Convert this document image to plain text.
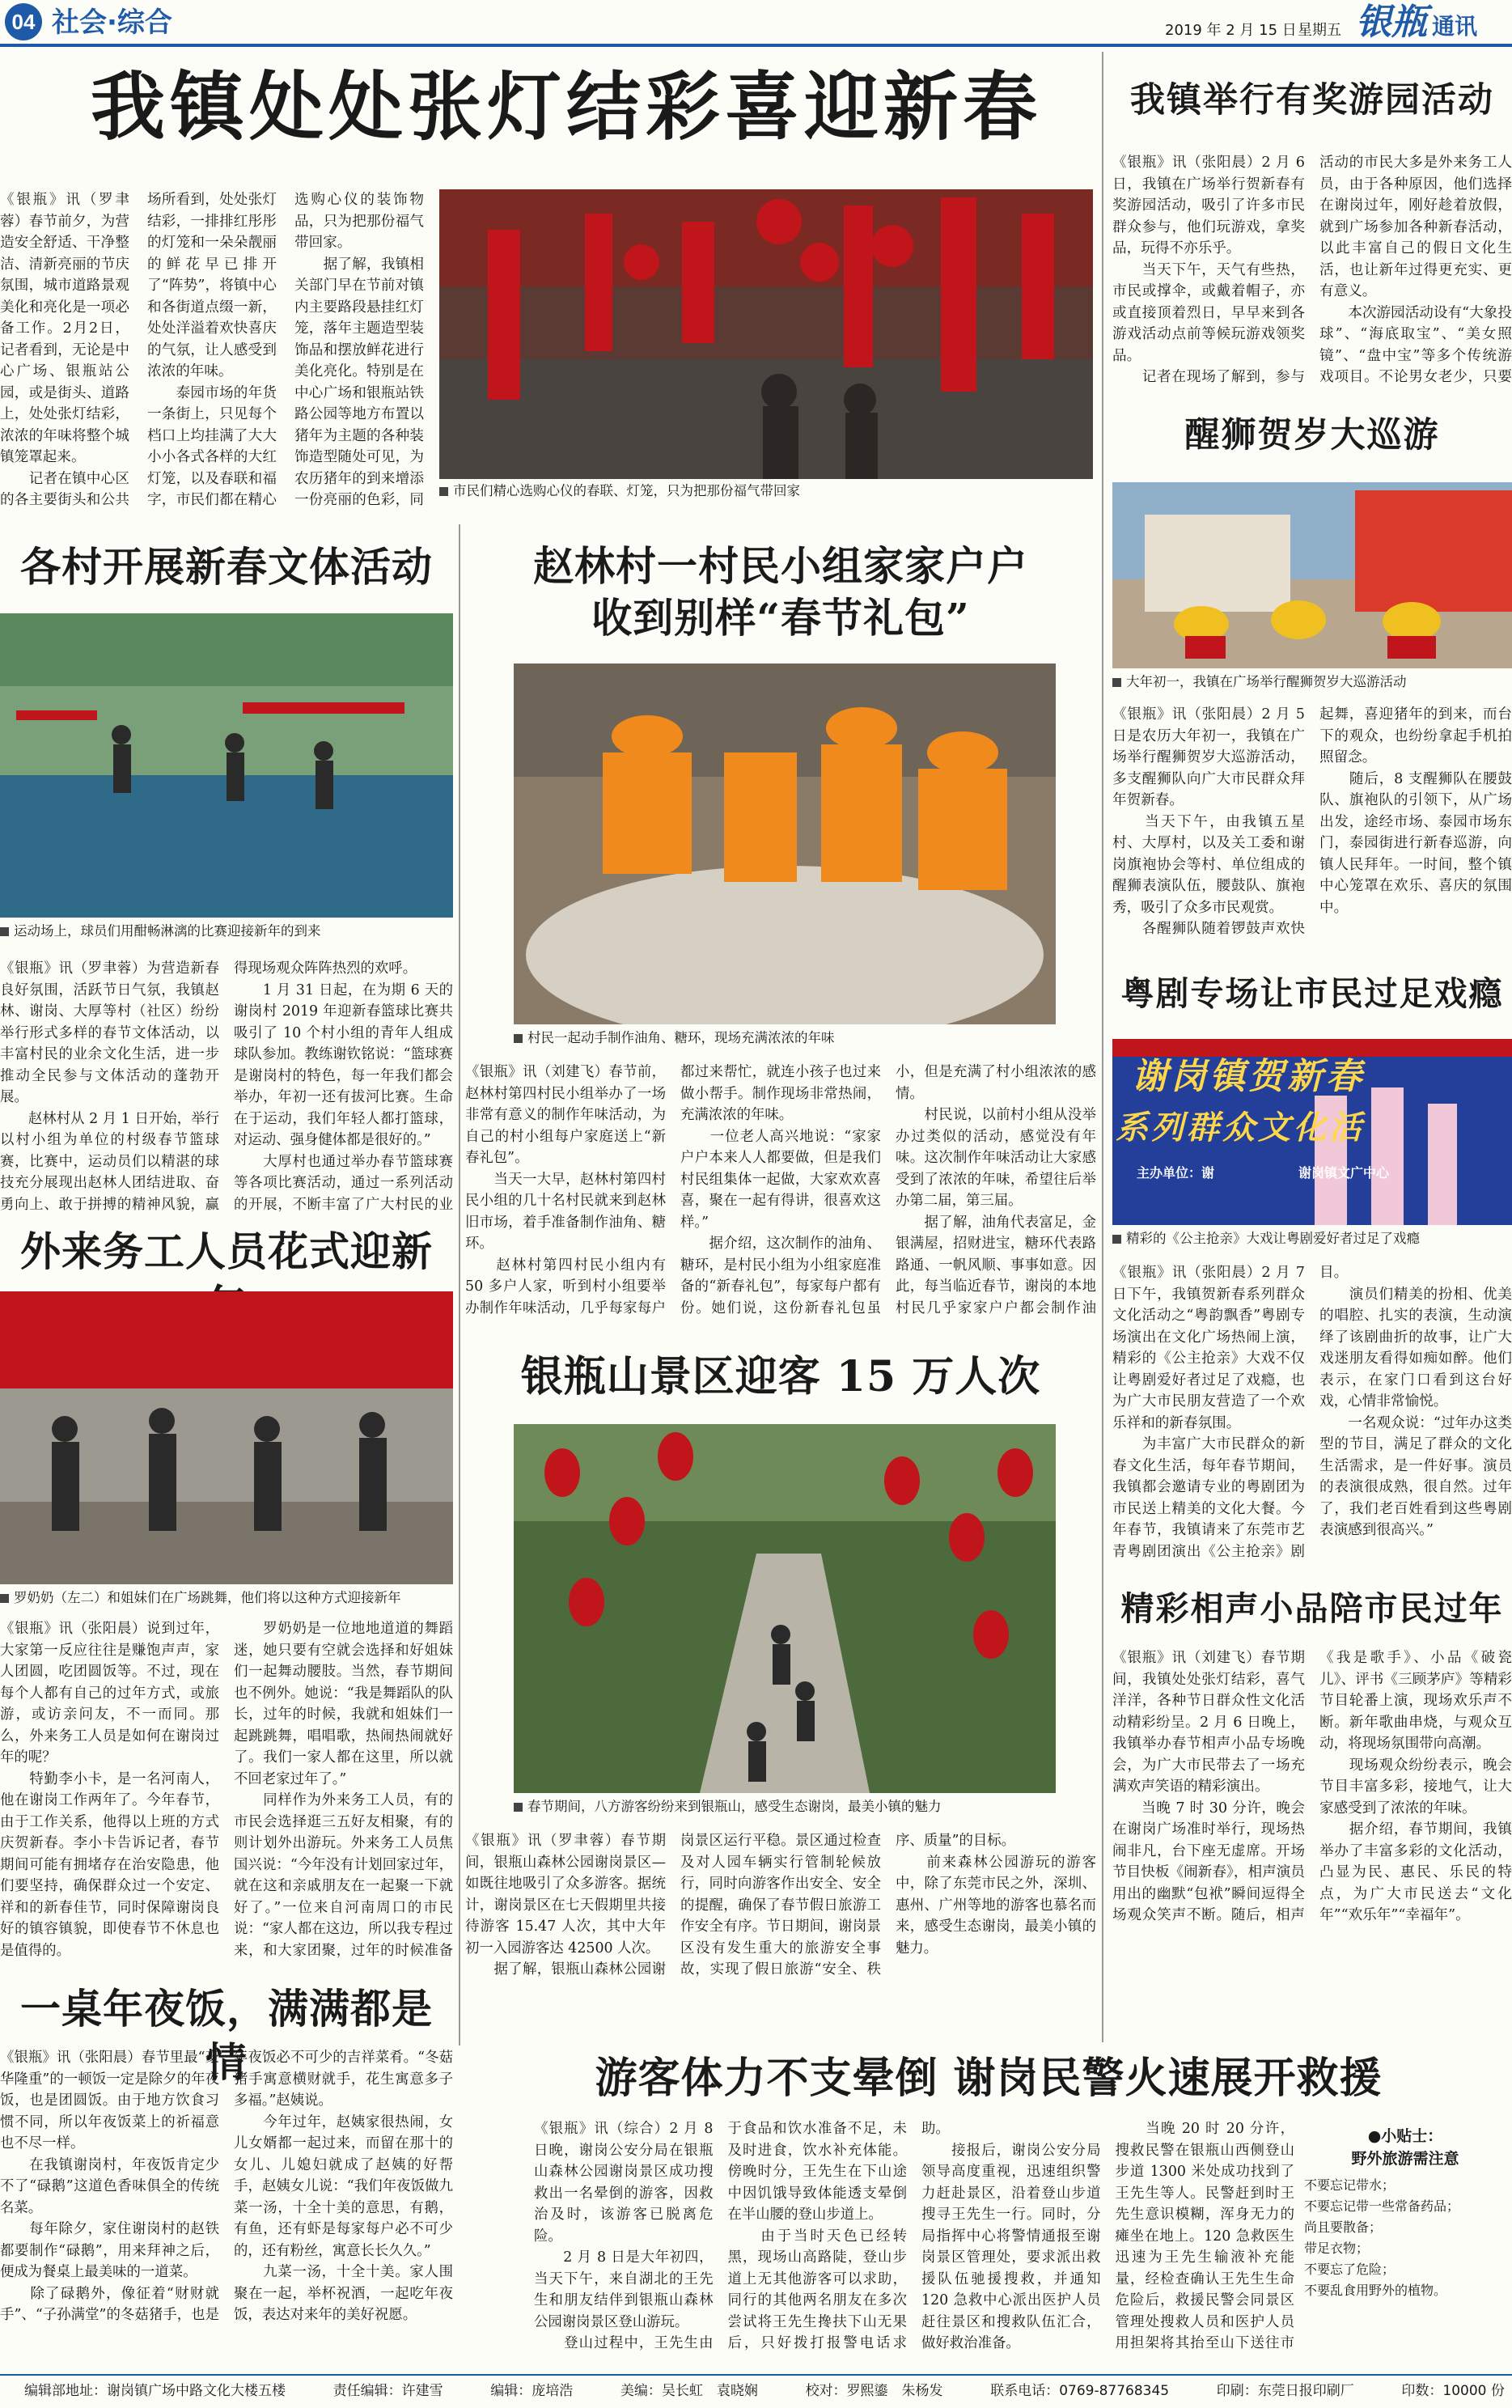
04 社会·综合	2019 年 2 月 15 日 星期五 银瓶 通讯
我镇处处张灯结彩喜迎新春
《银瓶》讯（罗聿蓉）春节前夕，为营造安全舒适、干净整洁、清新亮丽的节庆氛围，城市道路景观美化和亮化是一项必备工作。2月2日，记者看到，无论是中心广场、银瓶站公园，或是街头、道路上，处处张灯结彩，浓浓的年味将整个城镇笼罩起来。
　　记者在镇中心区的各主要街头和公共场所看到，处处张灯结彩，一排排红彤彤的灯笼和一朵朵靓丽的鲜花早已排开了“阵势”，将镇中心和各街道点缀一新，处处洋溢着欢快喜庆的气氛，让人感受到浓浓的年味。
　　泰园市场的年货一条街上，只见每个档口上均挂满了大大小小各式各样的大红灯笼，以及春联和福字，市民们都在精心选购心仪的装饰物品，只为把那份福气带回家。
　　据了解，我镇相关部门早在节前对镇内主要路段悬挂红灯笼，落年主题造型装饰品和摆放鲜花进行美化亮化。特别是在中心广场和银瓶站铁路公园等地方布置以猪年为主题的各种装饰造型随处可见，为农历猪年的到来增添一份亮丽的色彩，同
市民们精心选购心仪的春联、灯笼，只为把那份福气带回家
我镇举行有奖游园活动
《银瓶》讯（张阳晨）2 月 6 日，我镇在广场举行贺新春有奖游园活动，吸引了许多市民群众参与，他们玩游戏，拿奖品，玩得不亦乐乎。
　　当天下午，天气有些热，市民或撑伞，或戴着帽子，亦或直接顶着烈日，早早来到各游戏活动点前等候玩游戏领奖品。
　　记者在现场了解到，参与活动的市民大多是外来务工人员，由于各种原因，他们选择在谢岗过年，刚好趁着放假，就到广场参加各种新春活动，以此丰富自己的假日文化生活，也让新年过得更充实、更有意义。
　　本次游园活动设有“大象投球”、“海底取宝”、“美女照镜”、“盘中宝”等多个传统游戏项目。不论男女老少，只要

醒狮贺岁大巡游
大年初一，我镇在广场举行醒狮贺岁大巡游活动
《银瓶》讯（张阳晨）2 月 5 日是农历大年初一，我镇在广场举行醒狮贺岁大巡游活动，多支醒狮队向广大市民群众拜年贺新春。
　　当天下午，由我镇五星村、大厚村，以及关工委和谢岗旗袍协会等村、单位组成的醒狮表演队伍，腰鼓队、旗袍秀，吸引了众多市民观赏。
　　各醒狮队随着锣鼓声欢快起舞，喜迎猪年的到来，而台下的观众，也纷纷拿起手机拍照留念。
　　随后，8 支醒狮队在腰鼓队、旗袍队的引领下，从广场出发，途经市场、泰园市场东门，泰园街进行新春巡游，向镇人民拜年。一时间，整个镇中心笼罩在欢乐、喜庆的氛围中。
粤剧专场让市民过足戏瘾
谢岗镇贺新春
系列群众文化活
主办单位：谢	谢岗镇文广中心
精彩的《公主抢亲》大戏让粤剧爱好者过足了戏瘾
《银瓶》讯（张阳晨）2 月 7 日下午，我镇贺新春系列群众文化活动之“粤韵飘香”粤剧专场演出在文化广场热闹上演，精彩的《公主抢亲》大戏不仅让粤剧爱好者过足了戏瘾，也为广大市民朋友营造了一个欢乐祥和的新春氛围。
　　为丰富广大市民群众的新春文化生活，每年春节期间，我镇都会邀请专业的粤剧团为市民送上精美的文化大餐。今年春节，我镇请来了东莞市艺青粤剧团演出《公主抢亲》剧目。
　　演员们精美的扮相、优美的唱腔、扎实的表演，生动演绎了该剧曲折的故事，让广大戏迷朋友看得如痴如醉。他们表示，在家门口看到这台好戏，心情非常愉悦。
　　一名观众说：“过年办这类型的节目，满足了群众的文化生活需求，是一件好事。演员的表演很成熟，很自然。过年了，我们老百姓看到这些粤剧表演感到很高兴。”
精彩相声小品陪市民过年
《银瓶》讯（刘建飞）春节期间，我镇处处张灯结彩，喜气洋洋，各种节日群众性文化活动精彩纷呈。2 月 6 日晚上，我镇举办春节相声小品专场晚会，为广大市民带去了一场充满欢声笑语的精彩演出。
　　当晚 7 时 30 分许，晚会在谢岗广场准时举行，现场热闹非凡，台下座无虚席。开场节目快板《闹新春》，相声演员用出的幽默“包袱”瞬间逗得全场观众笑声不断。随后，相声《我是歌手》、小品《破瓷儿》、评书《三顾茅庐》等精彩节目轮番上演，现场欢乐声不断。新年歌曲串烧，与观众互动，将现场氛围带向高潮。
　　现场观众纷纷表示，晚会节目丰富多彩，接地气，让大家感受到了浓浓的年味。
　　据介绍，春节期间，我镇举办了丰富多彩的文化活动，凸显为民、惠民、乐民的特点，为广大市民送去“文化年”“欢乐年”“幸福年”。
各村开展新春文体活动
运动场上，球员们用酣畅淋漓的比赛迎接新年的到来
《银瓶》讯（罗聿蓉）为营造新春良好氛围，活跃节日气氛，我镇赵林、谢岗、大厚等村（社区）纷纷举行形式多样的春节文体活动，以丰富村民的业余文化生活，进一步推动全民参与文体活动的蓬勃开展。
　　赵林村从 2 月 1 日开始，举行以村小组为单位的村级春节篮球赛，比赛中，运动员们以精湛的球技充分展现出赵林人团结进取、奋勇向上、敢于拼搏的精神风貌，赢得现场观众阵阵热烈的欢呼。
　　1 月 31 日起，在为期 6 天的谢岗村 2019 年迎新春篮球比赛共吸引了 10 个村小组的青年人组成球队参加。教练谢钦铭说：“篮球赛是谢岗村的特色，每一年我们都会举办，年初一还有拔河比赛。生命在于运动，我们年轻人都打篮球，对运动、强身健体都是很好的。”
　　大厚村也通过举办春节篮球赛等各项比赛活动，通过一系列活动的开展，不断丰富了广大村民的业
外来务工人员花式迎新
罗奶奶（左二）和姐妹们在广场跳舞，他们将以这种方式迎接新年
《银瓶》讯（张阳晨）说到过年，大家第一反应往往是赚饱声声，家人团圆，吃团圆饭等。不过，现在每个人都有自己的过年方式，或旅游，或访亲问友，不一而同。那么，外来务工人员是如何在谢岗过年的呢？
　　特勤李小卡，是一名河南人，他在谢岗工作两年了。今年春节，由于工作关系，他得以上班的方式庆贺新春。李小卡告诉记者，春节期间可能有拥堵存在治安隐患，他们要坚持，确保群众过一个安定、祥和的新春佳节，同时保障谢岗良好的镇容镇貌，即使春节不休息也是值得的。
　　罗奶奶是一位地地道道的舞蹈迷，她只要有空就会选择和好姐妹们一起舞动腰肢。当然，春节期间也不例外。她说：“我是舞蹈队的队长，过年的时候，我就和姐妹们一起跳跳舞，唱唱歌，热闹热闹就好了。我们一家人都在这里，所以就不回老家过年了。”
　　同样作为外来务工人员，有的市民会选择逛三五好友相聚，有的则计划外出游玩。外来务工人员焦国兴说：“今年没有计划回家过年，就在这和亲戚朋友在一起聚一下就好了。”一位来自河南周口的市民说：“家人都在这边，所以我专程过来，和大家团聚，过年的时候准备

一桌年夜饭，满满都是情
《银瓶》讯（张阳晨）春节里最“豪华隆重”的一顿饭一定是除夕的年夜饭，也是团圆饭。由于地方饮食习惯不同，所以年夜饭菜上的祈福意也不尽一样。
　　在我镇谢岗村，年夜饭肯定少不了“碌鹅”这道色香味俱全的传统名菜。
　　每年除夕，家住谢岗村的赵铁都要制作“碌鹅”，用来拜神之后，便成为餐桌上最美味的一道菜。
　　除了碌鹅外，像征着“财财就手”、“子孙满堂”的冬菇猪手，也是年夜饭必不可少的吉祥菜肴。“冬菇猪手寓意横财就手，花生寓意多子多福。”赵姨说。
　　今年过年，赵姨家很热闹，女儿女婿都一起过来，而留在那十的女儿、儿媳妇就成了赵姨的好帮手，赵姨女儿说：“我们年夜饭做九菜一汤，十全十美的意思，有鹅，有鱼，还有虾是每家每户必不可少的，还有粉丝，寓意长长久久。”
　　九菜一汤，十全十美。家人围聚在一起，举杯祝酒，一起吃年夜饭，表达对来年的美好祝愿。
赵林村一村民小组家家户户
收到别样“春节礼包”
村民一起动手制作油角、糖环，现场充满浓浓的年味
《银瓶》讯（刘建飞）春节前，赵林村第四村民小组举办了一场非常有意义的制作年味活动，为自己的村小组每户家庭送上“新春礼包”。
　　当天一大早，赵林村第四村民小组的几十名村民就来到赵林旧市场，着手准备制作油角、糖环。
　　赵林村第四村民小组内有 50 多户人家，听到村小组要举办制作年味活动，几乎每家每户都过来帮忙，就连小孩子也过来做小帮手。制作现场非常热闹，充满浓浓的年味。
　　一位老人高兴地说：“家家户户本来人人都要做，但是我们村民组集体一起做，大家欢欢喜喜，聚在一起有得讲，很喜欢这样。”
　　据介绍，这次制作的油角、糖环，是村民小组为小组家庭准备的“新春礼包”，每家每户都有份。她们说，这份新春礼包虽小，但是充满了村小组浓浓的感情。
　　村民说，以前村小组从没举办过类似的活动，感觉没有年味。这次制作年味活动让大家感受到了浓浓的年味，希望往后举办第二届，第三届。
　　据了解，油角代表富足，金银满屋，招财进宝，糖环代表路路通、一帆风顺、事事如意。因此，每当临近春节，谢岗的本地村民几乎家家户户都会制作油
银瓶山景区迎客 15 万人次
春节期间，八方游客纷纷来到银瓶山，感受生态谢岗，最美小镇的魅力
《银瓶》讯（罗聿蓉）春节期间，银瓶山森林公园谢岗景区—如既往地吸引了众多游客。据统计，谢岗景区在七天假期里共接待游客 15.47 人次，其中大年初一入园游客达 42500 人次。
　　据了解，银瓶山森林公园谢岗景区运行平稳。景区通过检查及对人园车辆实行管制轮候放行，同时向游客作出安全、安全的提醒，确保了春节假日旅游工作安全有序。节日期间，谢岗景区没有发生重大的旅游安全事故，实现了假日旅游“安全、秩序、质量”的目标。
　　前来森林公园游玩的游客中，除了东莞市民之外，深圳、惠州、广州等地的游客也慕名而来，感受生态谢岗，最美小镇的魅力。
游客体力不支晕倒 谢岗民警火速展开救援
《银瓶》讯（综合）2 月 8 日晚，谢岗公安分局在银瓶山森林公园谢岗景区成功搜救出一名晕倒的游客，因救治及时，该游客已脱离危险。
　　2 月 8 日是大年初四，当天下午，来自湖北的王先生和朋友结伴到银瓶山森林公园谢岗景区登山游玩。
　　登山过程中，王先生由于食品和饮水准备不足，未及时进食，饮水补充体能。傍晚时分，王先生在下山途中因饥饿导致体能透支晕倒在半山腰的登山步道上。
　　由于当时天色已经转黑，现场山高路陡，登山步道上无其他游客可以求助，同行的其他两名朋友在多次尝试将王先生搀扶下山无果后，只好拨打报警电话求助。
　　接报后，谢岗公安分局领导高度重视，迅速组织警力赶赴景区，沿着登山步道搜寻王先生一行。同时，分局指挥中心将警情通报至谢岗景区管理处，要求派出救援队伍驰援搜救，并通知 120 急救中心派出医护人员赶往景区和搜救队伍汇合，做好救治准备。
　　当晚 20 时 20 分许，搜救民警在银瓶山西侧登山步道 1300 米处成功找到了王先生等人。民警赶到时王先生意识模糊，浑身无力的瘫坐在地上。120 急救医生迅速为王先生输液补充能量，经检查确认王先生生命危险后，救援民警会同景区管理处搜救人员和医护人员用担架将其抬至山下送往市
●小贴士：
野外旅游需注意
不要忘记带水；
不要忘记带一些常备药品；
尚且要散备；
带足衣物；
不要忘了危险；
不要乱食用野外的植物。
编辑部地址：谢岗镇广场中路文化大楼五楼	责任编辑：许建雪	编辑：庞培浩	美编：吴长虹　袁晓娴	校对：罗熙鎏　朱杨发	联系电话：0769-87768345	印刷：东莞日报印刷厂	印数：10000 份
